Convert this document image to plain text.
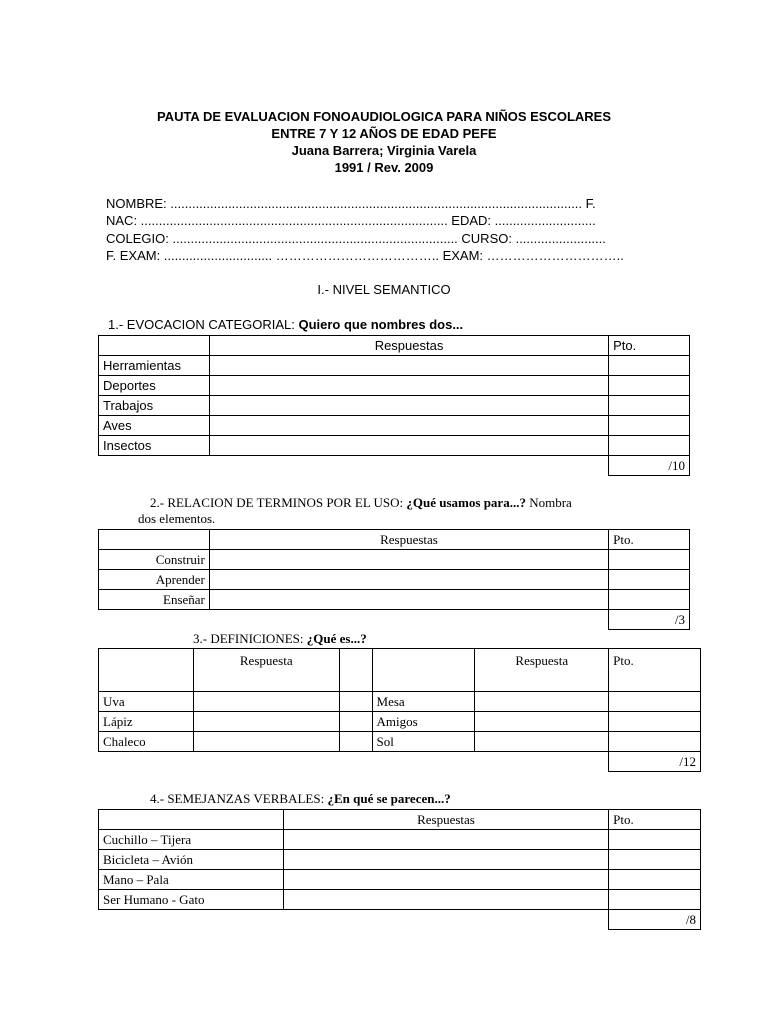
PAUTA DE EVALUACION FONOAUDIOLOGICA PARA NIÑOS ESCOLARES
ENTRE 7 Y 12 AÑOS DE EDAD PEFE
Juana Barrera; Virginia Varela
1991 / Rev. 2009
NOMBRE: .................................................................................................................. F.
NAC: ..................................................................................... EDAD: ............................
COLEGIO: ............................................................................... CURSO: .........................
F. EXAM: .............................. ……………………………….. EXAM: …………………………..
I.- NIVEL SEMANTICO
1.- EVOCACION CATEGORIAL: Quiero que nombres dos...
	Respuestas	Pto.
Herramientas		
Deportes		
Trabajos		
Aves		
Insectos		
		/10
2.- RELACION DE TERMINOS POR EL USO: ¿Qué usamos para...? Nombra
dos elementos.
	Respuestas	Pto.
Construir		
Aprender		
Enseñar		
		/3
3.- DEFINICIONES: ¿Qué es...?
	Respuesta			Respuesta	Pto.
Uva			Mesa		
Lápiz			Amigos		
Chaleco			Sol		
					/12
4.- SEMEJANZAS VERBALES: ¿En qué se parecen...?
	Respuestas	Pto.
Cuchillo – Tijera		
Bicicleta – Avión		
Mano – Pala		
Ser Humano - Gato		
		/8
